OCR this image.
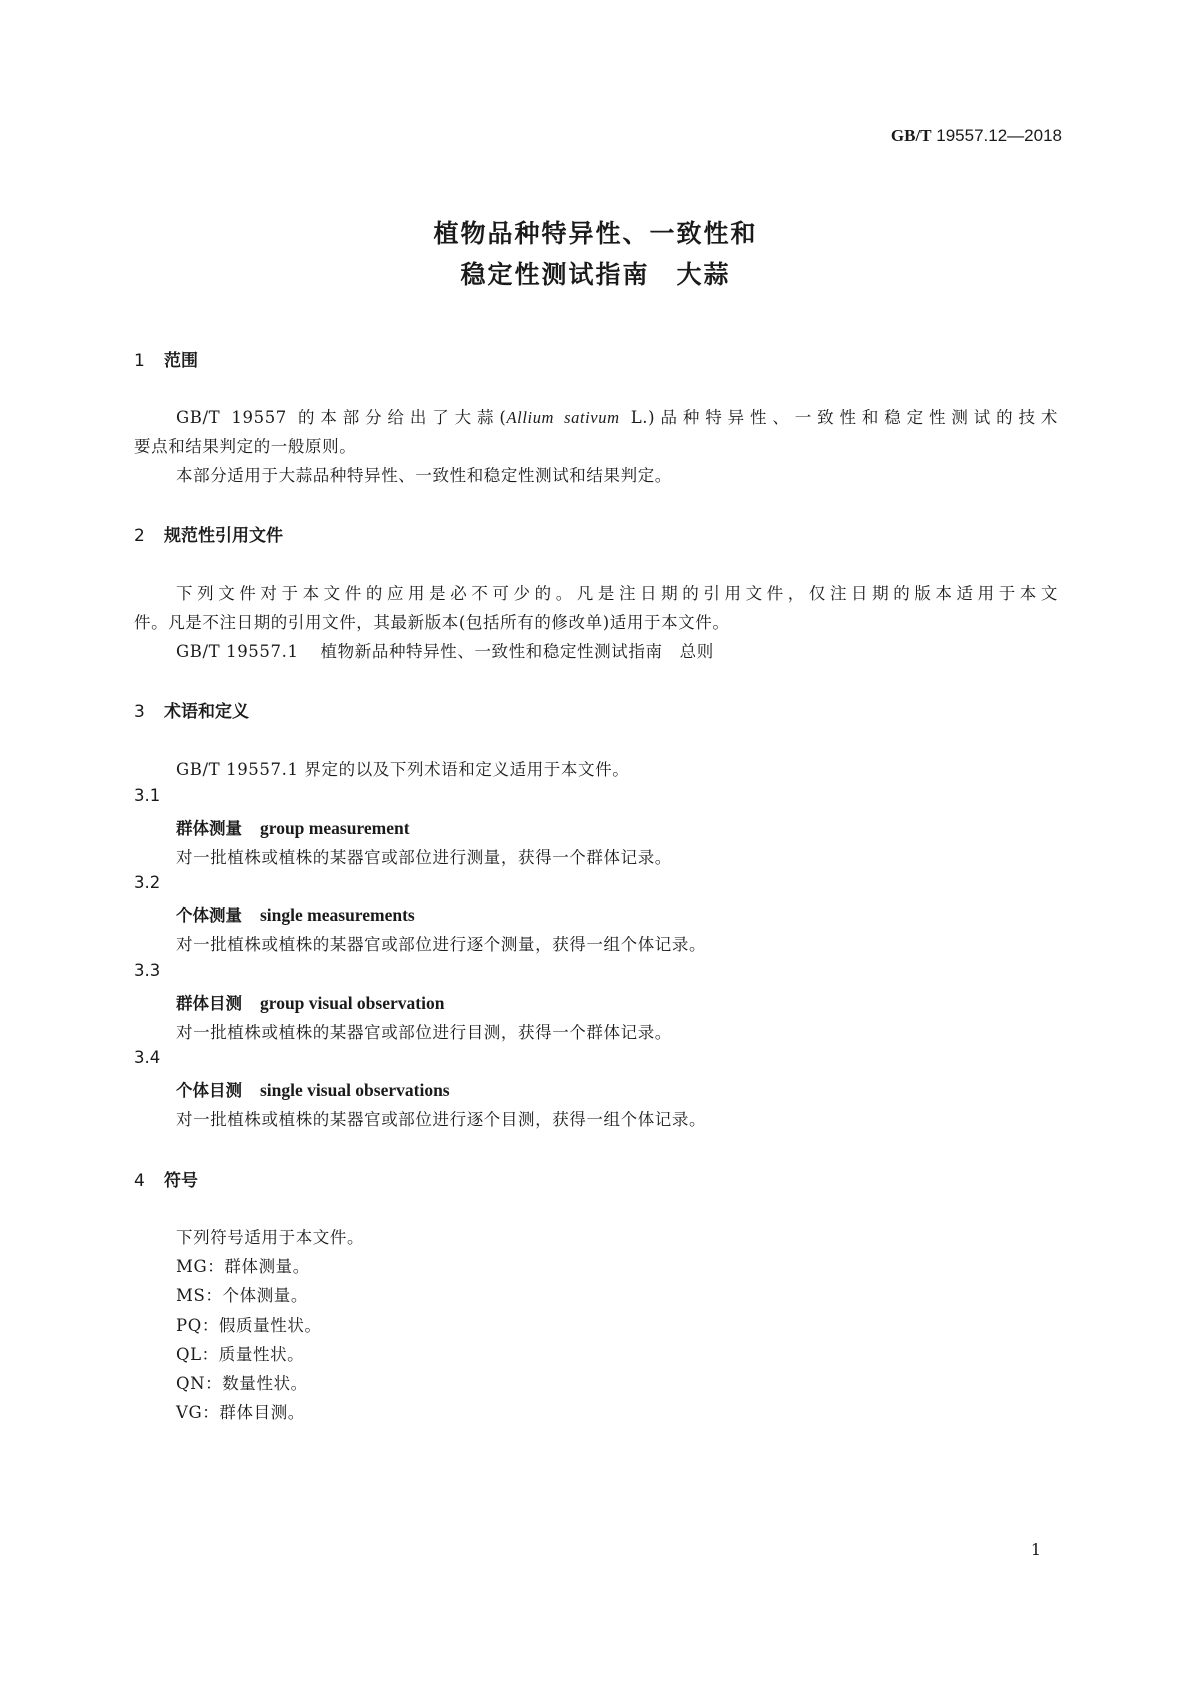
GB/T 19557.12—2018
植物品种特异性、一致性和
稳定性测试指南　大蒜
1 范围
GB/T 19557 的本部分给出了大蒜(Allium sativum L.)品种特异性、一致性和稳定性测试的技术
要点和结果判定的一般原则。
本部分适用于大蒜品种特异性、一致性和稳定性测试和结果判定。
2 规范性引用文件
下列文件对于本文件的应用是必不可少的。凡是注日期的引用文件，仅注日期的版本适用于本文
件。凡是不注日期的引用文件，其最新版本(包括所有的修改单)适用于本文件。
GB/T 19557.1 植物新品种特异性、一致性和稳定性测试指南　总则
3 术语和定义
GB/T 19557.1 界定的以及下列术语和定义适用于本文件。
3.1
群体测量 group measurement
对一批植株或植株的某器官或部位进行测量，获得一个群体记录。
3.2
个体测量 single measurements
对一批植株或植株的某器官或部位进行逐个测量，获得一组个体记录。
3.3
群体目测 group visual observation
对一批植株或植株的某器官或部位进行目测，获得一个群体记录。
3.4
个体目测 single visual observations
对一批植株或植株的某器官或部位进行逐个目测，获得一组个体记录。
4 符号
下列符号适用于本文件。
MG：群体测量。
MS：个体测量。
PQ：假质量性状。
QL：质量性状。
QN：数量性状。
VG：群体目测。
1
